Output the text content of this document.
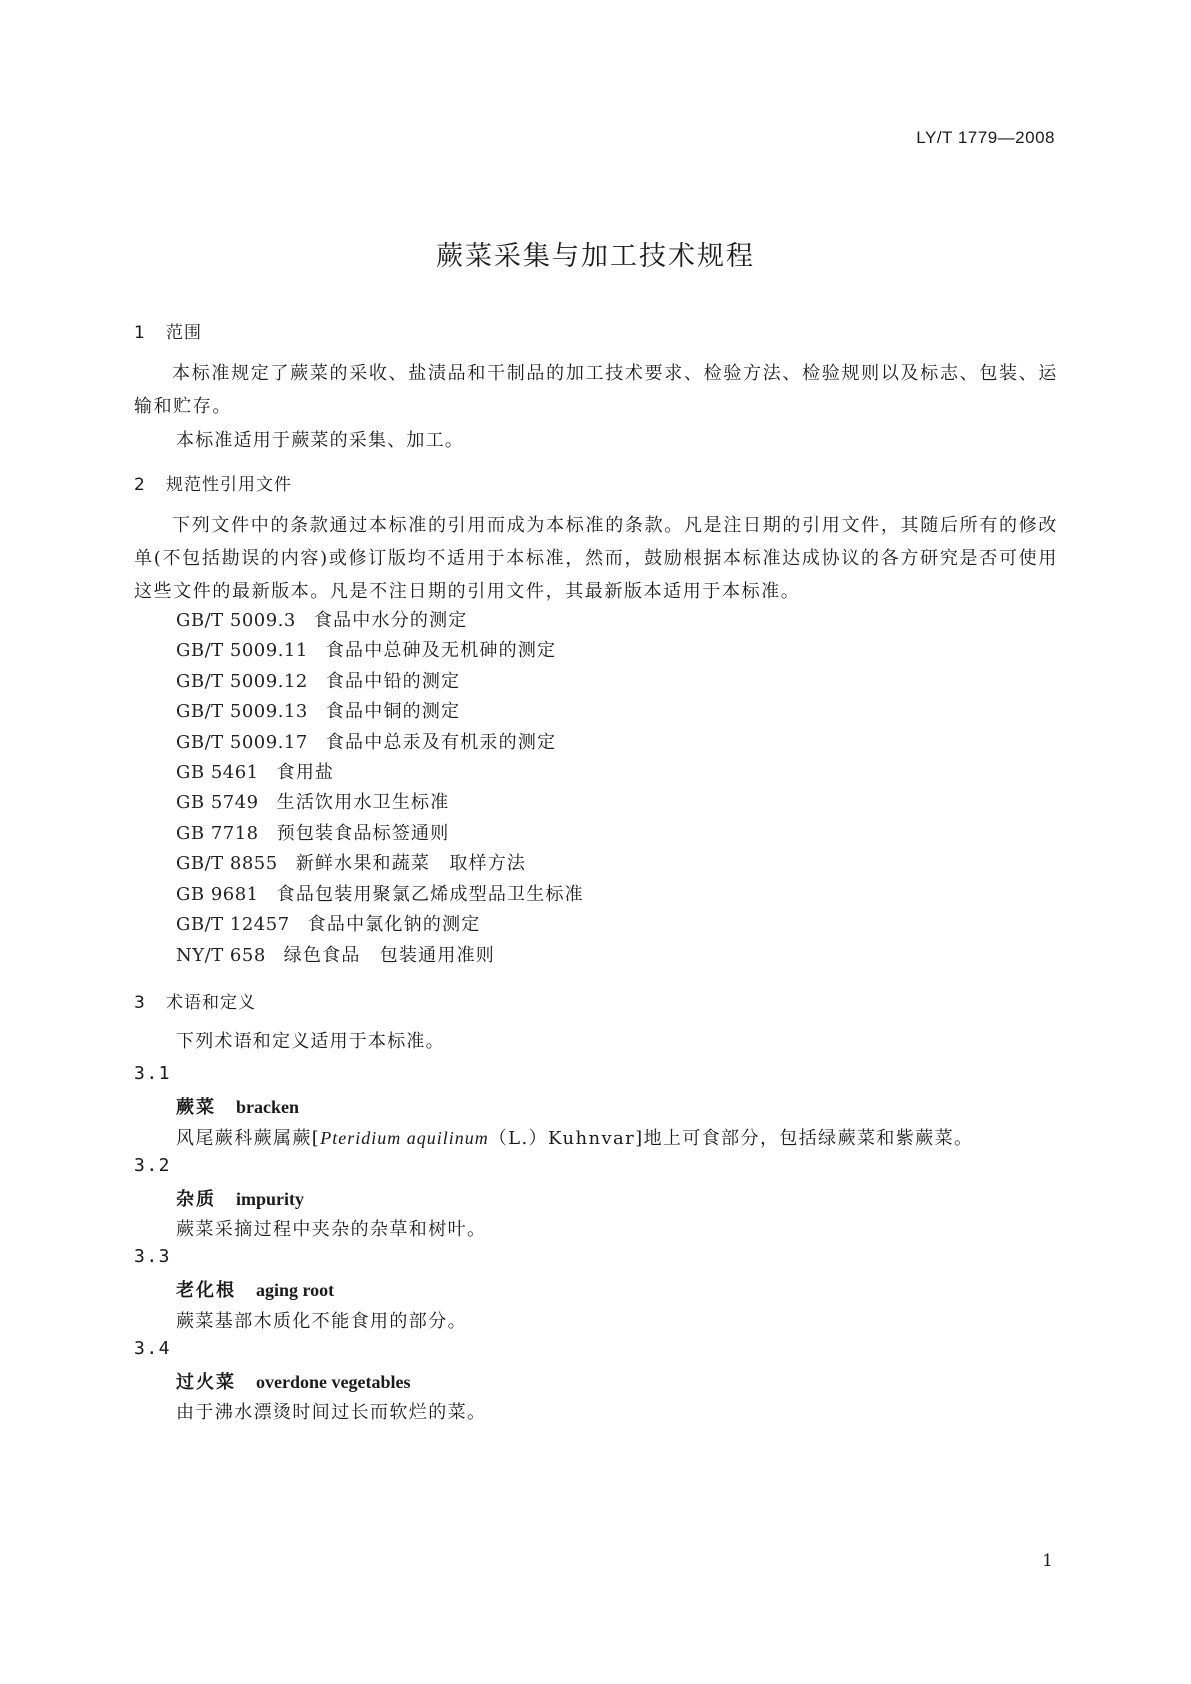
LY/T 1779—2008
蕨菜采集与加工技术规程
1 范围
本标准规定了蕨菜的采收、盐渍品和干制品的加工技术要求、检验方法、检验规则以及标志、包装、运输和贮存。
本标准适用于蕨菜的采集、加工。
2 规范性引用文件
下列文件中的条款通过本标准的引用而成为本标准的条款。凡是注日期的引用文件，其随后所有的修改单(不包括勘误的内容)或修订版均不适用于本标准，然而，鼓励根据本标准达成协议的各方研究是否可使用这些文件的最新版本。凡是不注日期的引用文件，其最新版本适用于本标准。
GB/T 5009.3 食品中水分的测定
GB/T 5009.11 食品中总砷及无机砷的测定
GB/T 5009.12 食品中铅的测定
GB/T 5009.13 食品中铜的测定
GB/T 5009.17 食品中总汞及有机汞的测定
GB 5461 食用盐
GB 5749 生活饮用水卫生标准
GB 7718 预包装食品标签通则
GB/T 8855 新鲜水果和蔬菜　取样方法
GB 9681 食品包装用聚氯乙烯成型品卫生标准
GB/T 12457 食品中氯化钠的测定
NY/T 658 绿色食品　包装通用准则
3 术语和定义
下列术语和定义适用于本标准。
3.1
蕨菜 bracken
风尾蕨科蕨属蕨[Pteridium aquilinum（L.）Kuhnvar]地上可食部分，包括绿蕨菜和紫蕨菜。
3.2
杂质 impurity
蕨菜采摘过程中夹杂的杂草和树叶。
3.3
老化根 aging root
蕨菜基部木质化不能食用的部分。
3.4
过火菜 overdone vegetables
由于沸水漂烫时间过长而软烂的菜。
1
